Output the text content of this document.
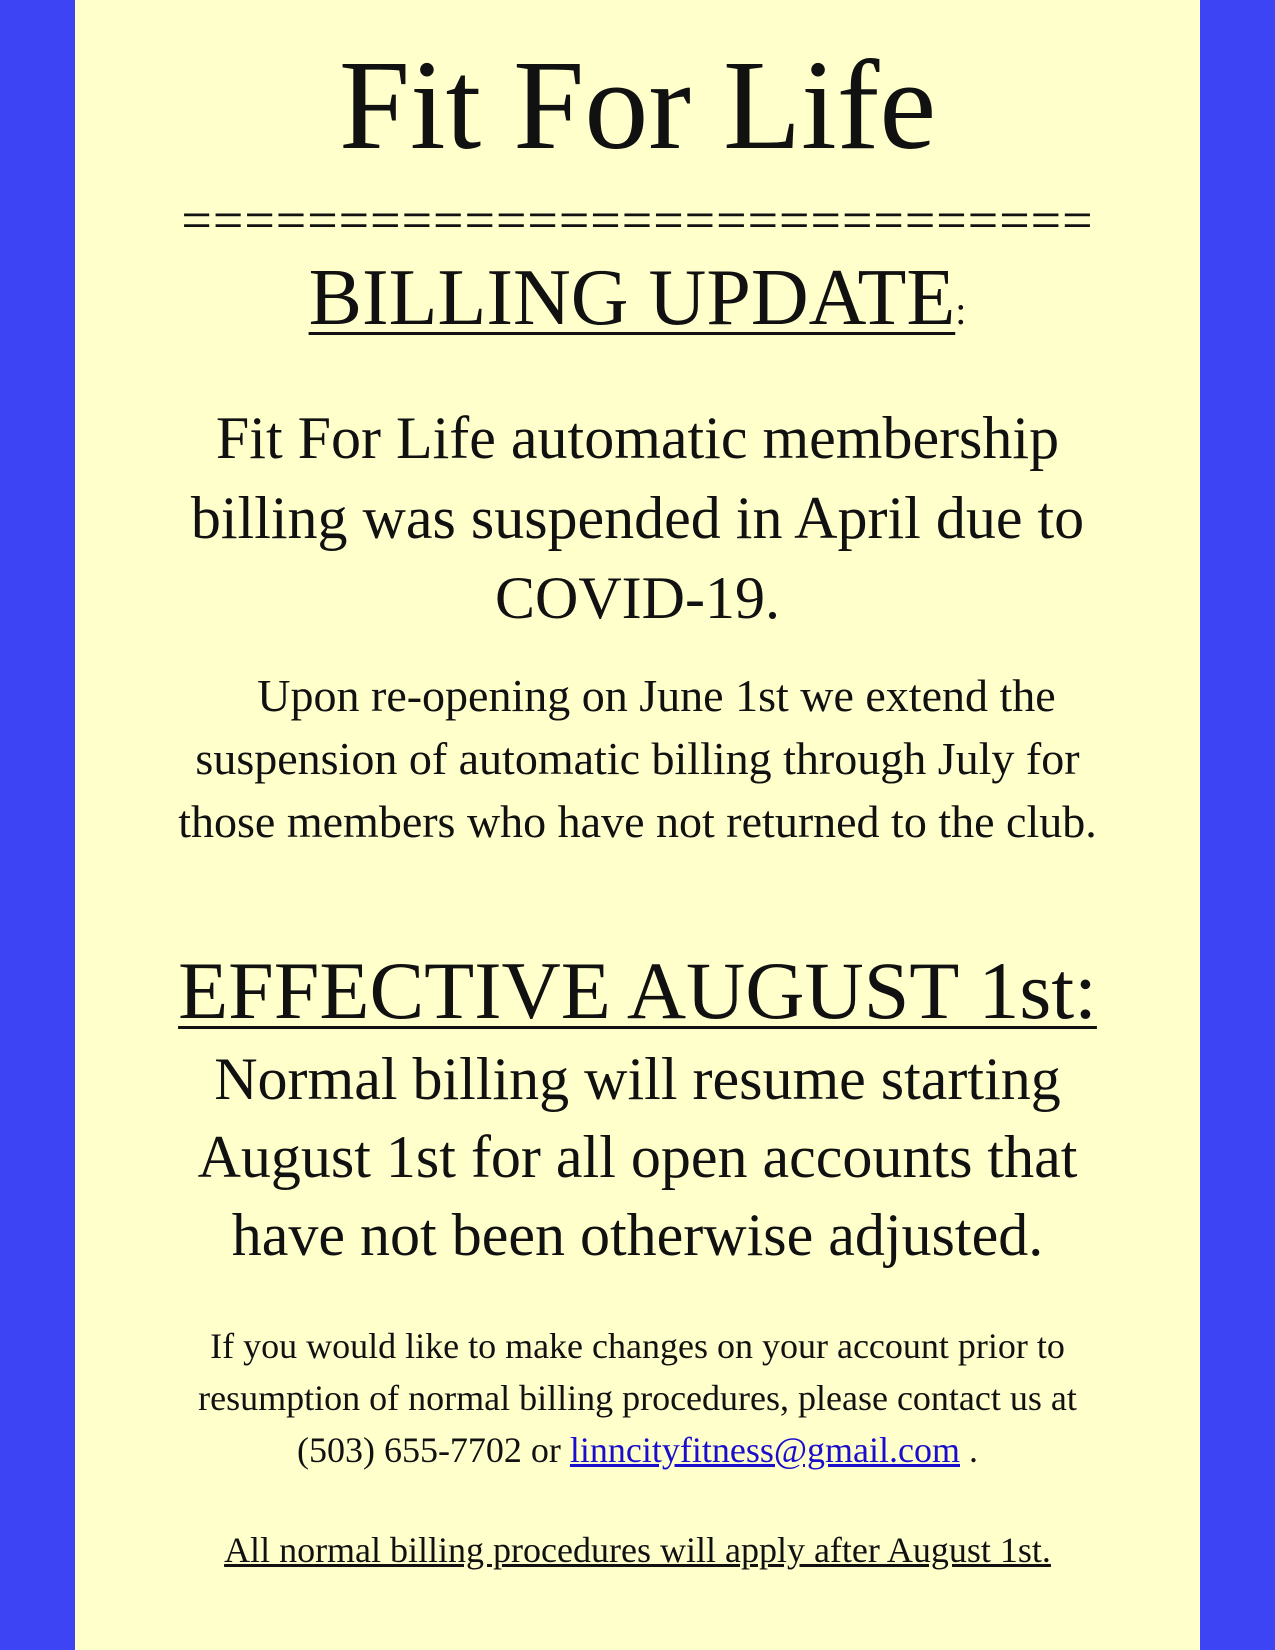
Fit For Life
=============================
BILLING UPDATE:
Fit For Life automatic membership
billing was suspended in April due to
COVID-19.
Upon re-opening on June 1st we extend the
suspension of automatic billing through July for
those members who have not returned to the club.
EFFECTIVE AUGUST 1st:
Normal billing will resume starting
August 1st for all open accounts that
have not been otherwise adjusted.
If you would like to make changes on your account prior to
resumption of normal billing procedures, please contact us at
(503) 655-7702 or linncityfitness@gmail.com .
All normal billing procedures will apply after August 1st.
